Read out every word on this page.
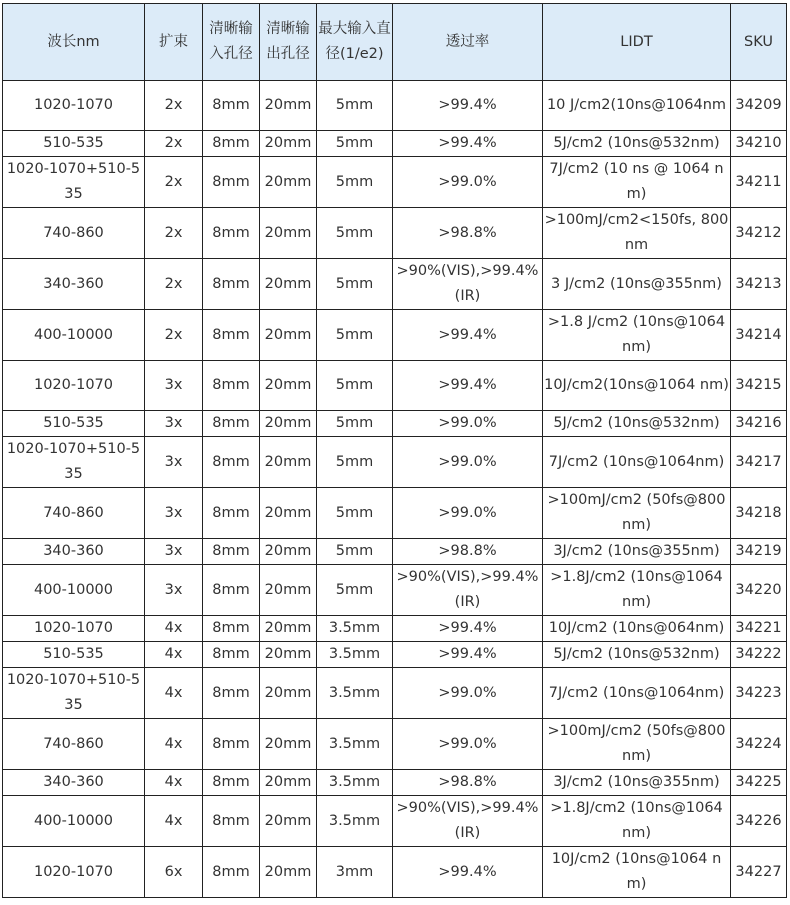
波长nm	扩束	清晰输入孔径	清晰输出孔径	最大输入直径(1/e2)	透过率	LIDT	SKU
1020-1070	2x	8mm	20mm	5mm	>99.4%	10 J/cm2(10ns@1064nm	34209
510-535	2x	8mm	20mm	5mm	>99.4%	5J/cm2 (10ns@532nm)	34210
1020-1070+510-535	2x	8mm	20mm	5mm	>99.0%	7J/cm2 (10 ns @ 1064 nm)	34211
740-860	2x	8mm	20mm	5mm	>98.8%	>100mJ/cm2<150fs, 800 nm	34212
340-360	2x	8mm	20mm	5mm	>90%(VIS),>99.4%(IR)	3 J/cm2 (10ns@355nm)	34213
400-10000	2x	8mm	20mm	5mm	>99.4%	>1.8 J/cm2 (10ns@1064 nm)	34214
1020-1070	3x	8mm	20mm	5mm	>99.4%	10J/cm2(10ns@1064 nm)	34215
510-535	3x	8mm	20mm	5mm	>99.0%	5J/cm2 (10ns@532nm)	34216
1020-1070+510-535	3x	8mm	20mm	5mm	>99.0%	7J/cm2 (10ns@1064nm)	34217
740-860	3x	8mm	20mm	5mm	>99.0%	>100mJ/cm2 (50fs@800 nm)	34218
340-360	3x	8mm	20mm	5mm	>98.8%	3J/cm2 (10ns@355nm)	34219
400-10000	3x	8mm	20mm	5mm	>90%(VIS),>99.4%(IR)	>1.8J/cm2 (10ns@1064 nm)	34220
1020-1070	4x	8mm	20mm	3.5mm	>99.4%	10J/cm2 (10ns@064nm)	34221
510-535	4x	8mm	20mm	3.5mm	>99.4%	5J/cm2 (10ns@532nm)	34222
1020-1070+510-535	4x	8mm	20mm	3.5mm	>99.0%	7J/cm2 (10ns@1064nm)	34223
740-860	4x	8mm	20mm	3.5mm	>99.0%	>100mJ/cm2 (50fs@800 nm)	34224
340-360	4x	8mm	20mm	3.5mm	>98.8%	3J/cm2 (10ns@355nm)	34225
400-10000	4x	8mm	20mm	3.5mm	>90%(VIS),>99.4%(IR)	>1.8J/cm2 (10ns@1064 nm)	34226
1020-1070	6x	8mm	20mm	3mm	>99.4%	10J/cm2 (10ns@1064 nm)	34227
